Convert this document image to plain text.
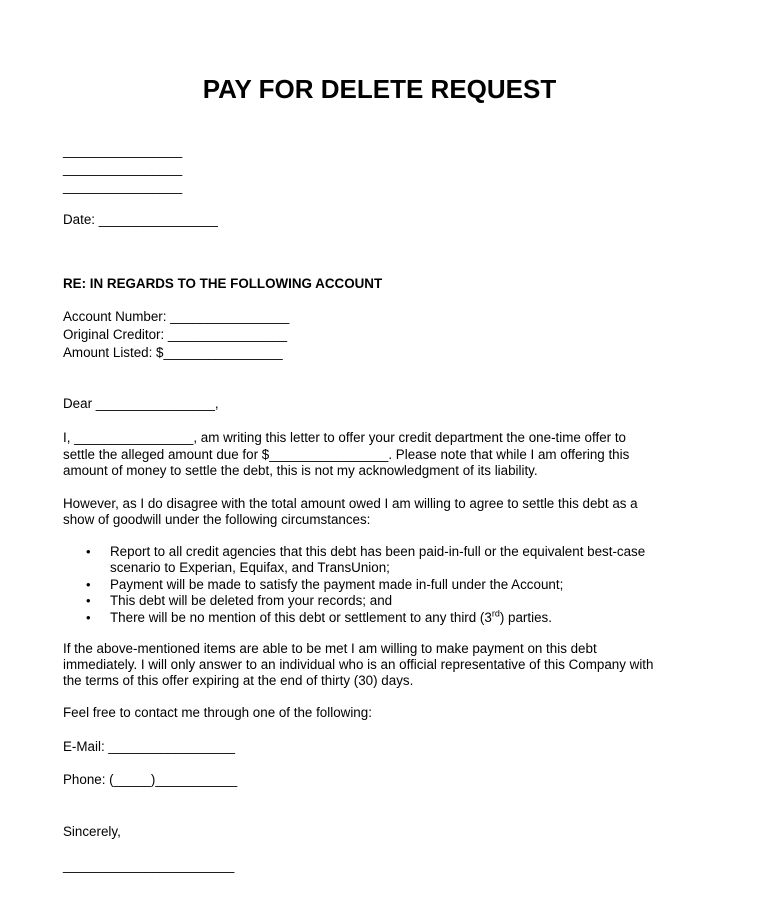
PAY FOR DELETE REQUEST
________________
________________
________________
Date: ________________
RE: IN REGARDS TO THE FOLLOWING ACCOUNT
Account Number: ________________
Original Creditor: ________________
Amount Listed: $________________
Dear ________________,
I, ________________, am writing this letter to offer your credit department the one-time offer to
settle the alleged amount due for $________________. Please note that while I am offering this
amount of money to settle the debt, this is not my acknowledgment of its liability.
However, as I do disagree with the total amount owed I am willing to agree to settle this debt as a
show of goodwill under the following circumstances:
• Report to all credit agencies that this debt has been paid-in-full or the equivalent best-case
scenario to Experian, Equifax, and TransUnion;
• Payment will be made to satisfy the payment made in-full under the Account;
• This debt will be deleted from your records; and
• There will be no mention of this debt or settlement to any third (3rd) parties.
If the above-mentioned items are able to be met I am willing to make payment on this debt
immediately. I will only answer to an individual who is an official representative of this Company with
the terms of this offer expiring at the end of thirty (30) days.
Feel free to contact me through one of the following:
E-Mail: _________________
Phone: (_____)___________
Sincerely,
_______________________
